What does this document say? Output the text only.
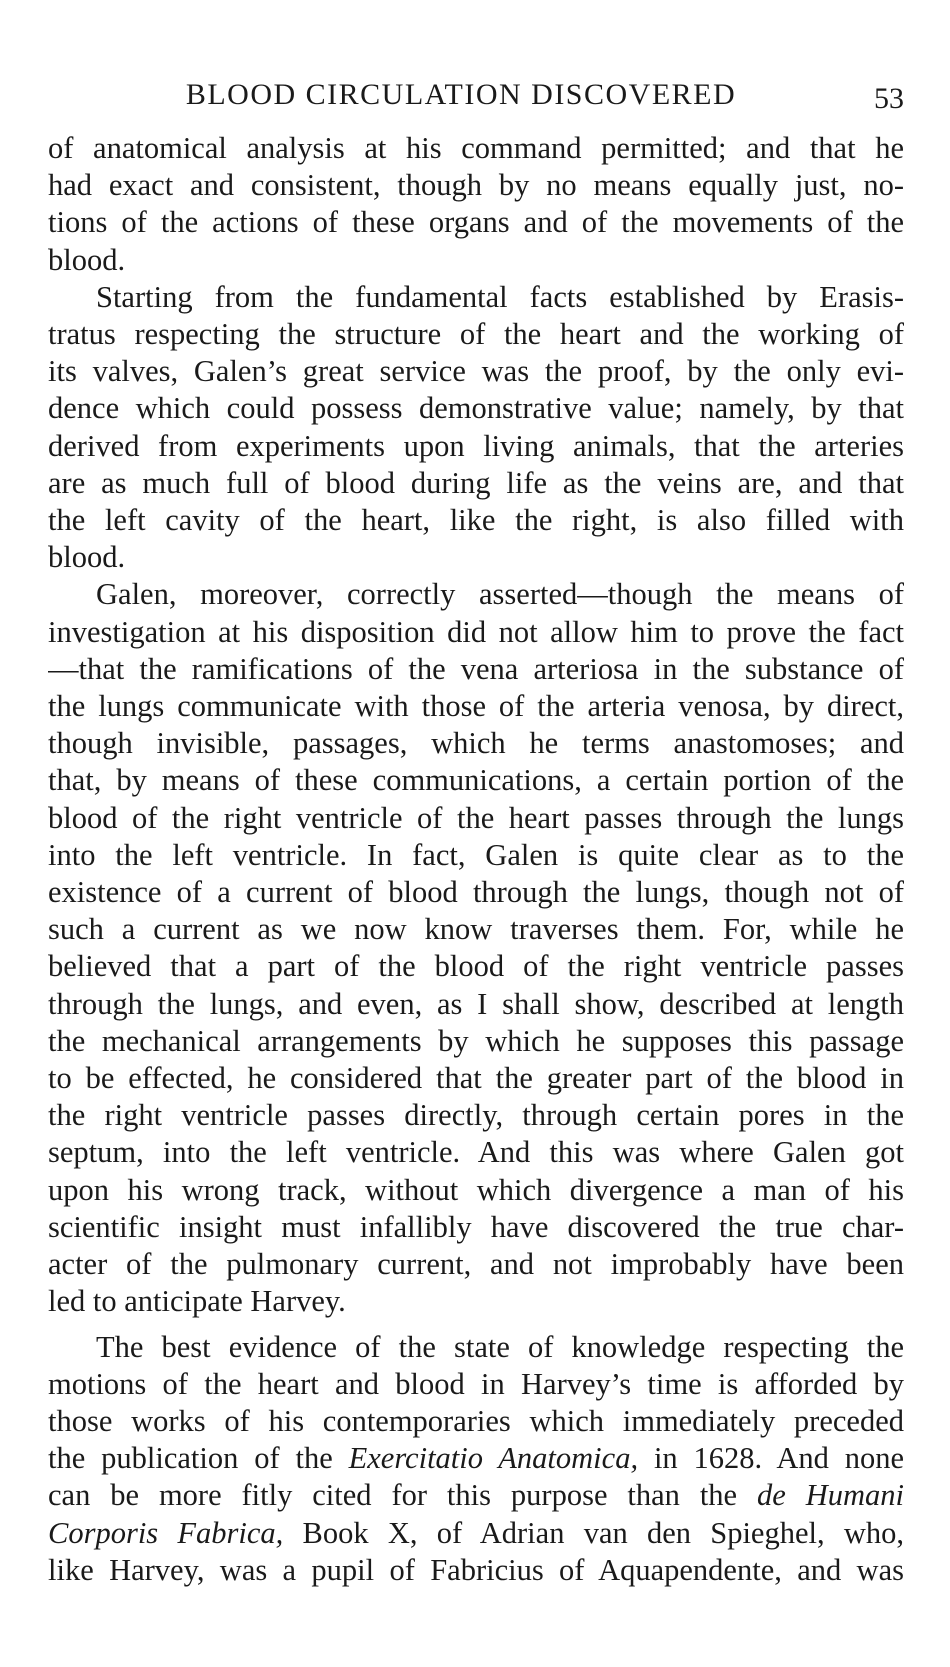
BLOOD CIRCULATION DISCOVERED	53

of anatomical analysis at his command permitted; and that he
had exact and consistent, though by no means equally just, no-
tions of the actions of these organs and of the movements of the
blood.

Starting from the fundamental facts established by Erasis-
tratus respecting the structure of the heart and the working of
its valves, Galen’s great service was the proof, by the only evi-
dence which could possess demonstrative value; namely, by that
derived from experiments upon living animals, that the arteries
are as much full of blood during life as the veins are, and that
the left cavity of the heart, like the right, is also filled with
blood.

Galen, moreover, correctly asserted—though the means of
investigation at his disposition did not allow him to prove the fact
—that the ramifications of the vena arteriosa in the substance of
the lungs communicate with those of the arteria venosa, by direct,
though invisible, passages, which he terms anastomoses; and
that, by means of these communications, a certain portion of the
blood of the right ventricle of the heart passes through the lungs
into the left ventricle. In fact, Galen is quite clear as to the
existence of a current of blood through the lungs, though not of
such a current as we now know traverses them. For, while he
believed that a part of the blood of the right ventricle passes
through the lungs, and even, as I shall show, described at length
the mechanical arrangements by which he supposes this passage
to be effected, he considered that the greater part of the blood in
the right ventricle passes directly, through certain pores in the
septum, into the left ventricle. And this was where Galen got
upon his wrong track, without which divergence a man of his
scientific insight must infallibly have discovered the true char-
acter of the pulmonary current, and not improbably have been
led to anticipate Harvey.

The best evidence of the state of knowledge respecting the
motions of the heart and blood in Harvey’s time is afforded by
those works of his contemporaries which immediately preceded
the publication of the Exercitatio Anatomica, in 1628. And none
can be more fitly cited for this purpose than the de Humani
Corporis Fabrica, Book X, of Adrian van den Spieghel, who,
like Harvey, was a pupil of Fabricius of Aquapendente, and was
